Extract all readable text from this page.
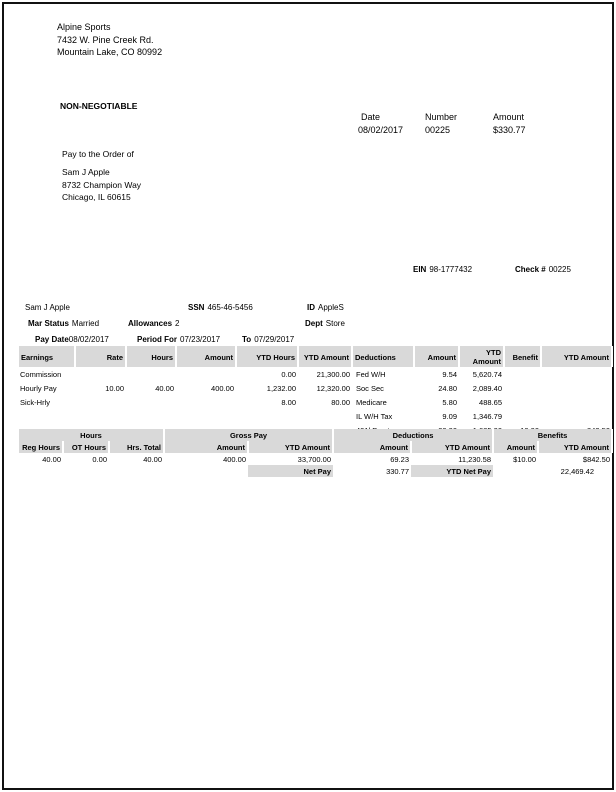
Alpine Sports
7432 W. Pine Creek Rd.
Mountain Lake, CO 80992
NON-NEGOTIABLE
Date	Number	Amount
08/02/2017 00225	$330.77
Pay to the Order of
Sam J Apple
8732 Champion Way
Chicago, IL 60615
EIN 98-1777432	Check # 00225
Sam J Apple	SSN 465-46-5456	ID AppleS
Mar Status Married	Allowances 2	Dept Store
Pay Date08/02/2017	Period For 07/23/2017	To 07/29/2017
Earnings	Rate	Hours	Amount	YTD Hours	YTD Amount	Deductions	Amount	YTD Amount	Benefit	YTD Amount
Commission				0.00	21,300.00	Fed W/H	9.54	5,620.74		
Hourly Pay	10.00	40.00	400.00	1,232.00	12,320.00	Soc Sec	24.80	2,089.40		
Sick-Hrly				8.00	80.00	Medicare	5.80	488.65		
						IL W/H Tax	9.09	1,346.79		

Hours			Gross Pay		Deductions		Benefits	
Reg Hours	OT Hours	Hrs. Total	Amount	YTD Amount	Amount	YTD Amount	Amount	YTD Amount
40.00	0.00	40.00	400.00	33,700.00	69.23	11,230.58	$10.00	$842.50
				Net Pay	330.77	YTD Net Pay	22,469.42	
